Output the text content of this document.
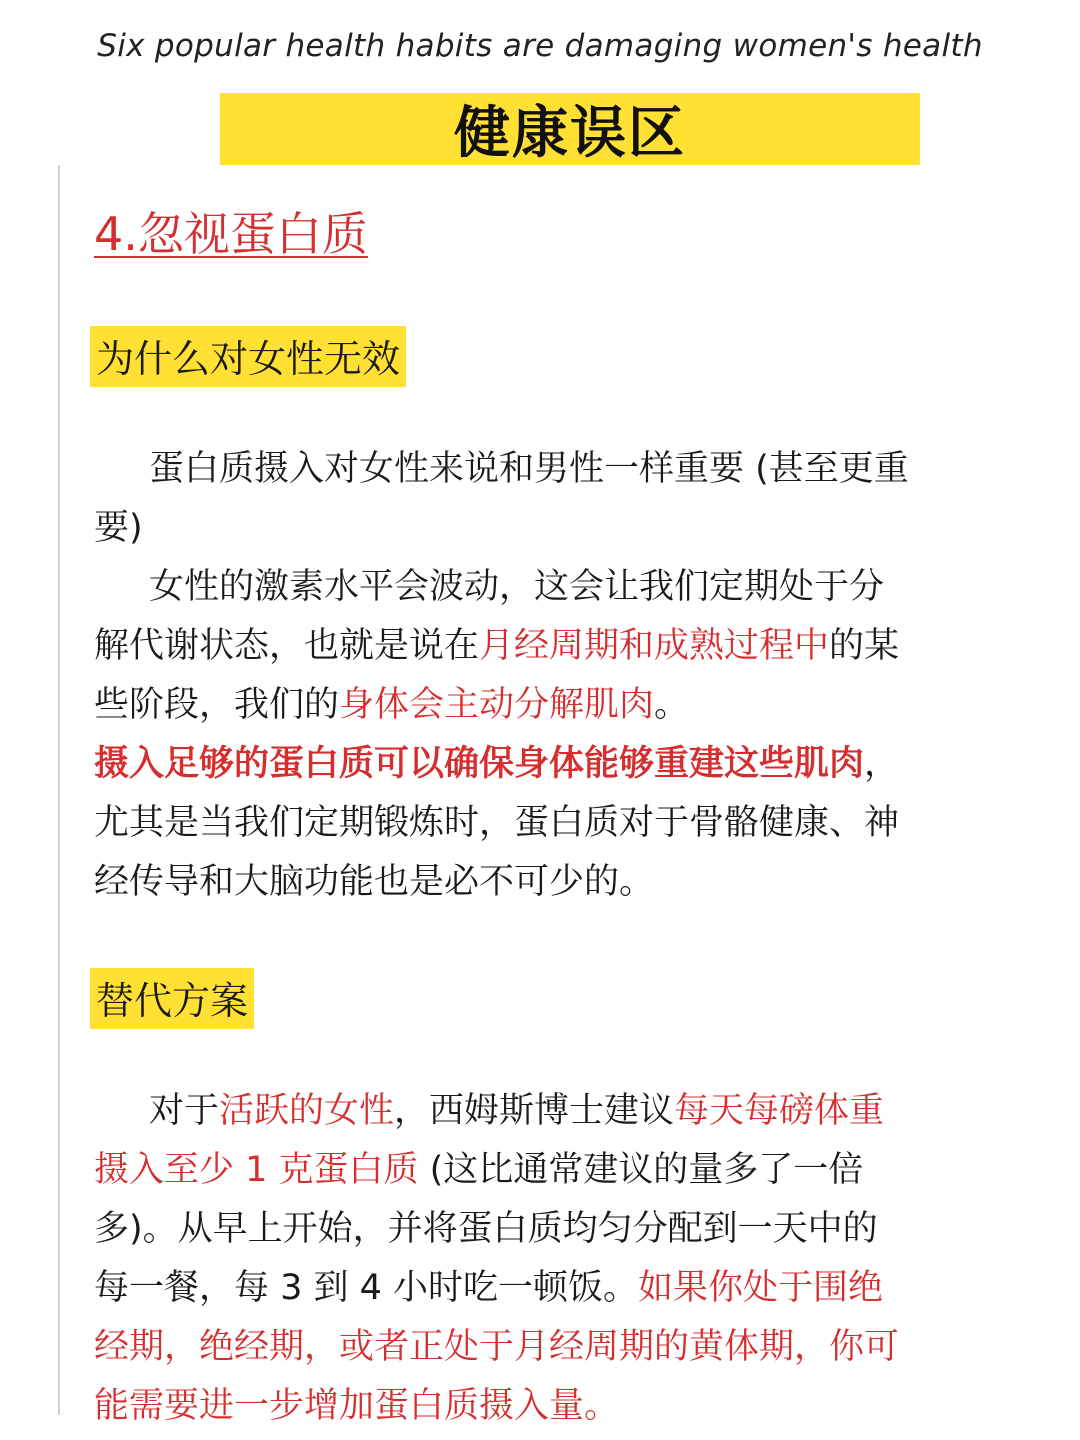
Six popular health habits are damaging women's health
健康误区
4.忽视蛋白质
为什么对女性无效
蛋白质摄入对女性来说和男性一样重要 (甚至更重
要)
女性的激素水平会波动，这会让我们定期处于分
解代谢状态，也就是说在月经周期和成熟过程中的某
些阶段，我们的身体会主动分解肌肉。
摄入足够的蛋白质可以确保身体能够重建这些肌肉，
尤其是当我们定期锻炼时，蛋白质对于骨骼健康、神
经传导和大脑功能也是必不可少的。
替代方案
对于活跃的女性，西姆斯博士建议每天每磅体重
摄入至少 1 克蛋白质 (这比通常建议的量多了一倍
多)。从早上开始，并将蛋白质均匀分配到一天中的
每一餐，每 3 到 4 小时吃一顿饭。如果你处于围绝
经期，绝经期，或者正处于月经周期的黄体期，你可
能需要进一步增加蛋白质摄入量。
